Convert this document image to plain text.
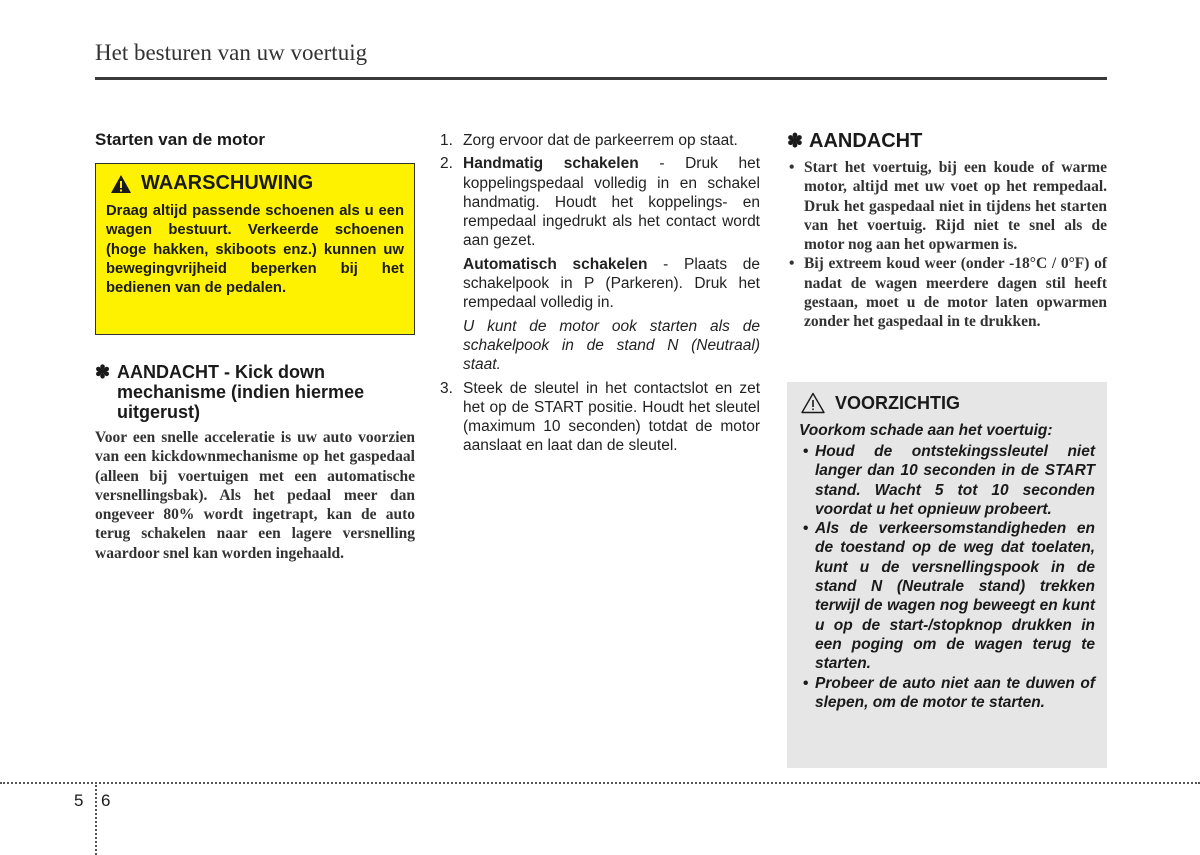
Het besturen van uw voertuig
Starten van de motor
WAARSCHUWING
Draag altijd passende schoenen als u een wagen bestuurt. Verkeerde schoenen (hoge hakken, skiboots enz.) kunnen uw bewegingvrijheid beperken bij het bedienen van de pedalen.
✽ AANDACHT - Kick down mechanisme (indien hiermee uitgerust)
Voor een snelle acceleratie is uw auto voorzien van een kickdownmechanisme op het gaspedaal (alleen bij voertuigen met een automatische versnellingsbak). Als het pedaal meer dan ongeveer 80% wordt ingetrapt, kan de auto terug schakelen naar een lagere versnelling waardoor snel kan worden ingehaald.
1. Zorg ervoor dat de parkeerrem op staat.

2. Handmatig schakelen - Druk het koppelingspedaal volledig in en schakel handmatig. Houdt het koppelings- en rempedaal ingedrukt als het contact wordt aan gezet.

Automatisch schakelen - Plaats de schakelpook in P (Parkeren). Druk het rempedaal volledig in.

U kunt de motor ook starten als de schakelpook in de stand N (Neutraal) staat.

3. Steek de sleutel in het contactslot en zet het op de START positie. Houdt het sleutel (maximum 10 seconden) totdat de motor aanslaat en laat dan de sleutel.

✽ AANDACHT
• Start het voertuig, bij een koude of warme motor, altijd met uw voet op het rempedaal. Druk het gaspedaal niet in tijdens het starten van het voertuig. Rijd niet te snel als de motor nog aan het opwarmen is.
• Bij extreem koud weer (onder -18°C / 0°F) of nadat de wagen meerdere dagen stil heeft gestaan, moet u de motor laten opwarmen zonder het gaspedaal in te drukken.
VOORZICHTIG
Voorkom schade aan het voertuig:
• Houd de ontstekingssleutel niet langer dan 10 seconden in de START stand. Wacht 5 tot 10 seconden voordat u het opnieuw probeert.
• Als de verkeersomstandigheden en de toestand op de weg dat toelaten, kunt u de versnellingspook in de stand N (Neutrale stand) trekken terwijl de wagen nog beweegt en kunt u op de start-/stopknop drukken in een poging om de wagen terug te starten.
• Probeer de auto niet aan te duwen of slepen, om de motor te starten.
5 6
